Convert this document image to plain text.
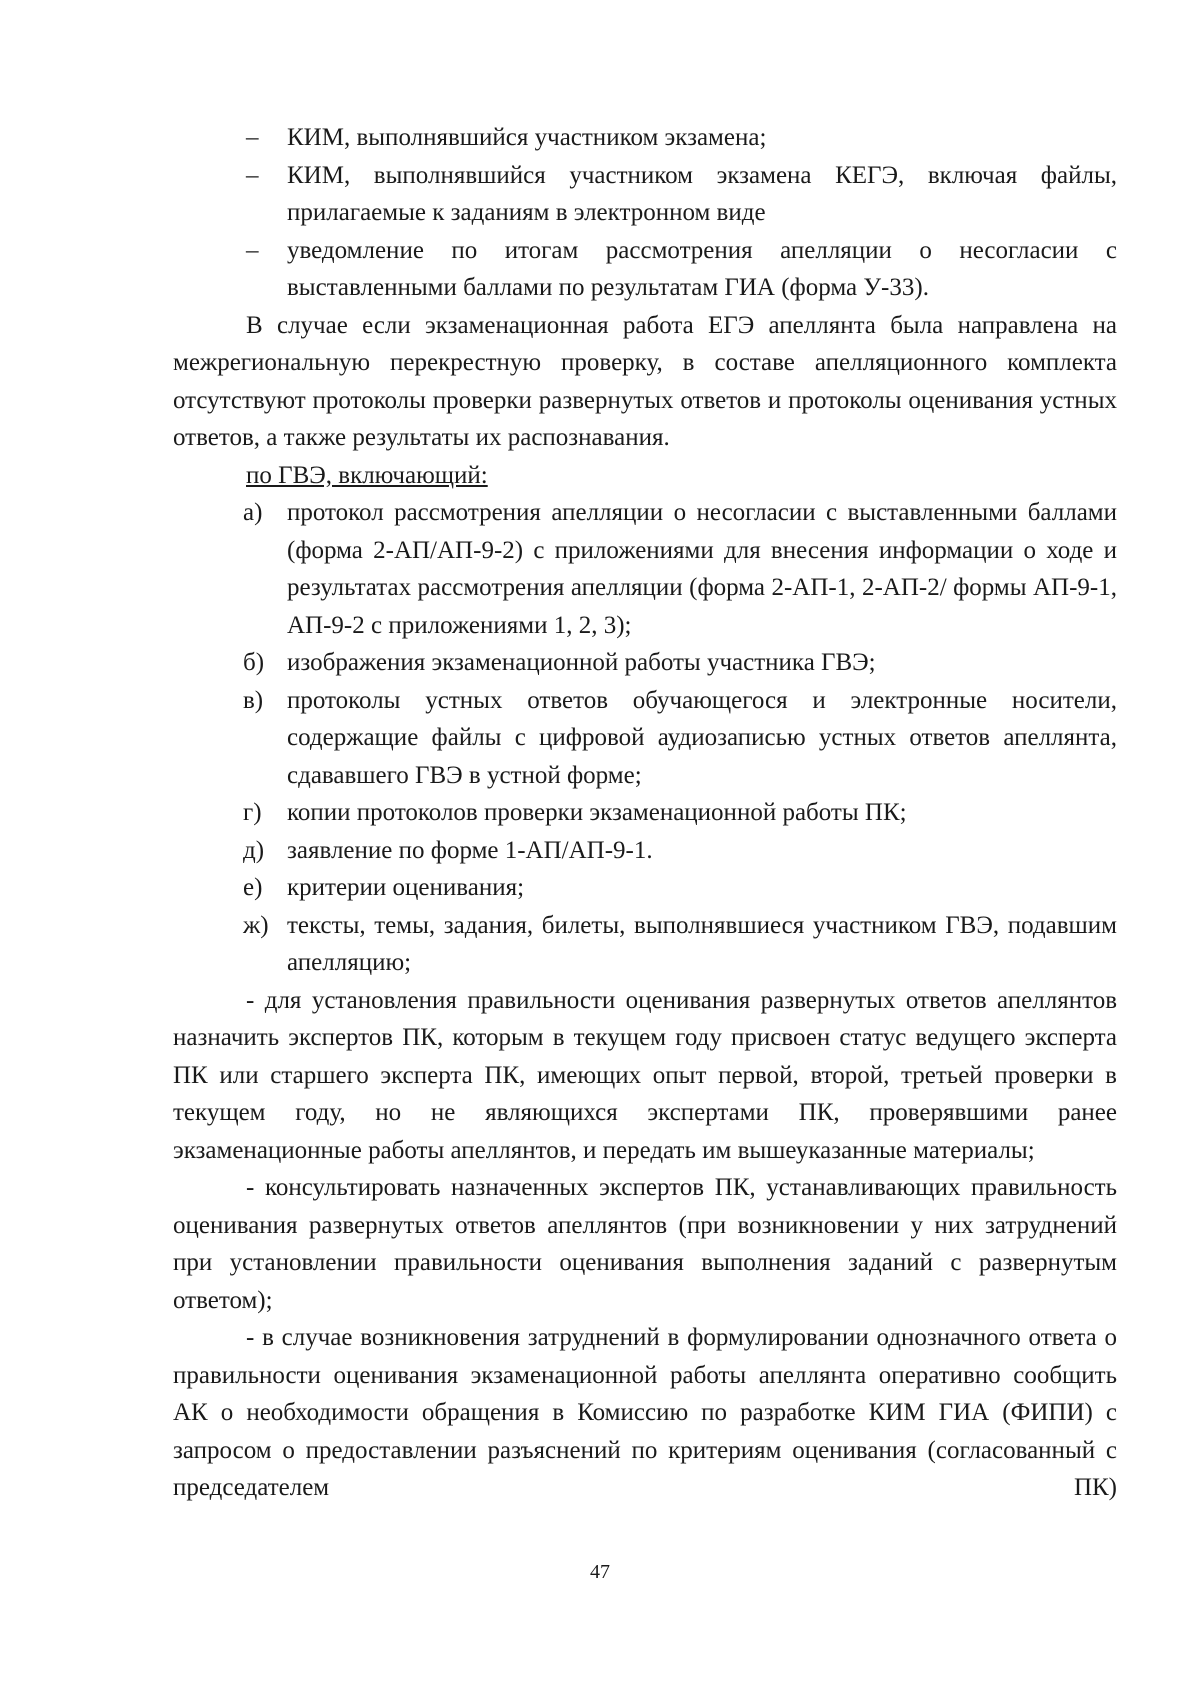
–	КИМ, выполнявшийся участником экзамена;
–	КИМ, выполнявшийся участником экзамена КЕГЭ, включая файлы, прилагаемые к заданиям в электронном виде
–	уведомление по итогам рассмотрения апелляции о несогласии с выставленными баллами по результатам ГИА (форма У-33).

В случае если экзаменационная работа ЕГЭ апеллянта была направлена на межрегиональную перекрестную проверку, в составе апелляционного комплекта отсутствуют протоколы проверки развернутых ответов и протоколы оценивания устных ответов, а также результаты их распознавания.

по ГВЭ, включающий:

а) протокол рассмотрения апелляции о несогласии с выставленными баллами (форма 2-АП/АП-9-2) с приложениями для внесения информации о ходе и результатах рассмотрения апелляции (форма 2-АП-1, 2-АП-2/ формы АП-9-1, АП-9-2 с приложениями 1, 2, 3);
б) изображения экзаменационной работы участника ГВЭ;
в) протоколы устных ответов обучающегося и электронные носители, содержащие файлы с цифровой аудиозаписью устных ответов апеллянта, сдававшего ГВЭ в устной форме;
г)	копии протоколов проверки экзаменационной работы ПК;
д) заявление по форме 1-АП/АП-9-1.
е) критерии оценивания;
ж) тексты, темы, задания, билеты, выполнявшиеся участником ГВЭ, подавшим апелляцию;

- для установления правильности оценивания развернутых ответов апеллянтов назначить экспертов ПК, которым в текущем году присвоен статус ведущего эксперта ПК или старшего эксперта ПК, имеющих опыт первой, второй, третьей проверки в текущем году, но не являющихся экспертами ПК, проверявшими ранее экзаменационные работы апеллянтов, и передать им вышеуказанные материалы;

- консультировать назначенных экспертов ПК, устанавливающих правильность оценивания развернутых ответов апеллянтов (при возникновении у них затруднений при установлении правильности оценивания выполнения заданий с развернутым ответом);

- в случае возникновения затруднений в формулировании однозначного ответа о правильности оценивания экзаменационной работы апеллянта оперативно сообщить АК о необходимости обращения в Комиссию по разработке КИМ ГИА (ФИПИ) с запросом о предоставлении разъяснений по критериям оценивания (согласованный с председателем ПК)

47
